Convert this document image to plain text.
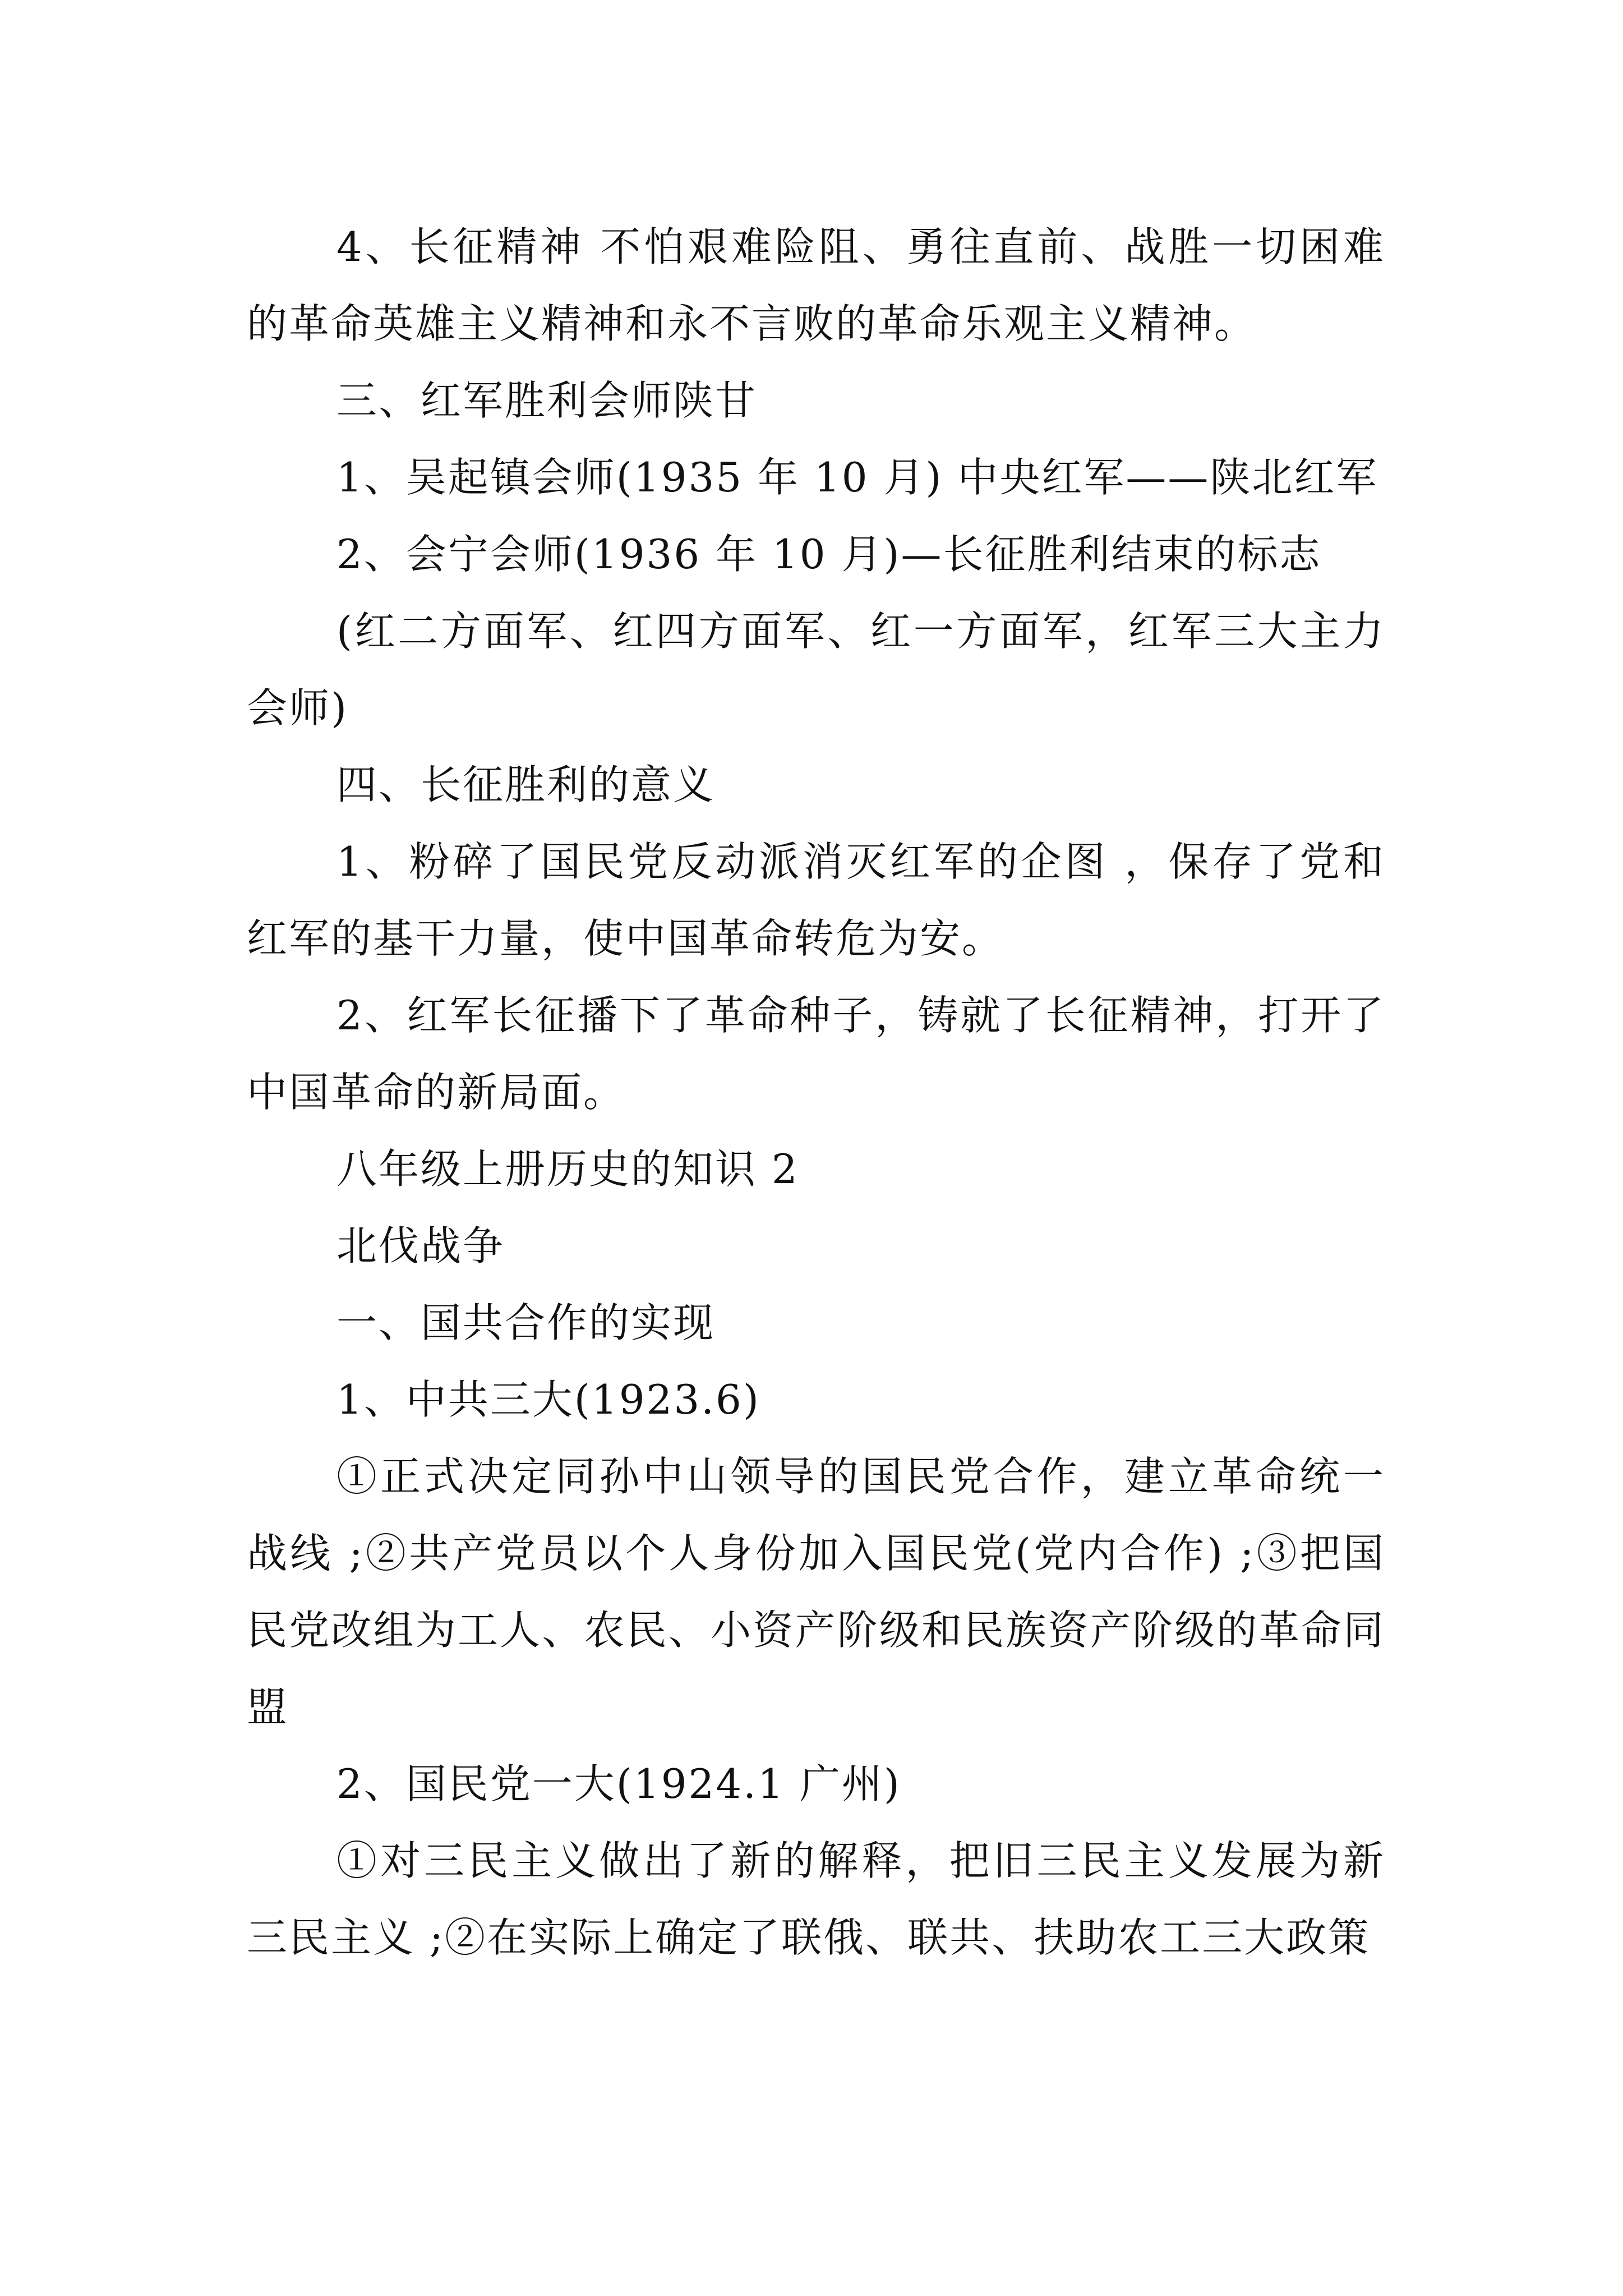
4、长征精神 不怕艰难险阻、勇往直前、战胜一切困难的革命英雄主义精神和永不言败的革命乐观主义精神。

三、红军胜利会师陕甘

1、吴起镇会师(1935 年 10 月) 中央红军——陕北红军

2、会宁会师(1936 年 10 月)—长征胜利结束的标志

(红二方面军、红四方面军、红一方面军，红军三大主力会师)

四、长征胜利的意义

1、粉碎了国民党反动派消灭红军的企图 ，保存了党和红军的基干力量，使中国革命转危为安。

2、红军长征播下了革命种子，铸就了长征精神，打开了中国革命的新局面。

八年级上册历史的知识 2

北伐战争

一、国共合作的实现

1、中共三大(1923.6)

①正式决定同孙中山领导的国民党合作，建立革命统一战线 ;②共产党员以个人身份加入国民党(党内合作) ;③把国民党改组为工人、农民、小资产阶级和民族资产阶级的革命同盟

2、国民党一大(1924.1 广州)

①对三民主义做出了新的解释，把旧三民主义发展为新三民主义 ;②在实际上确定了联俄、联共、扶助农工三大政策
